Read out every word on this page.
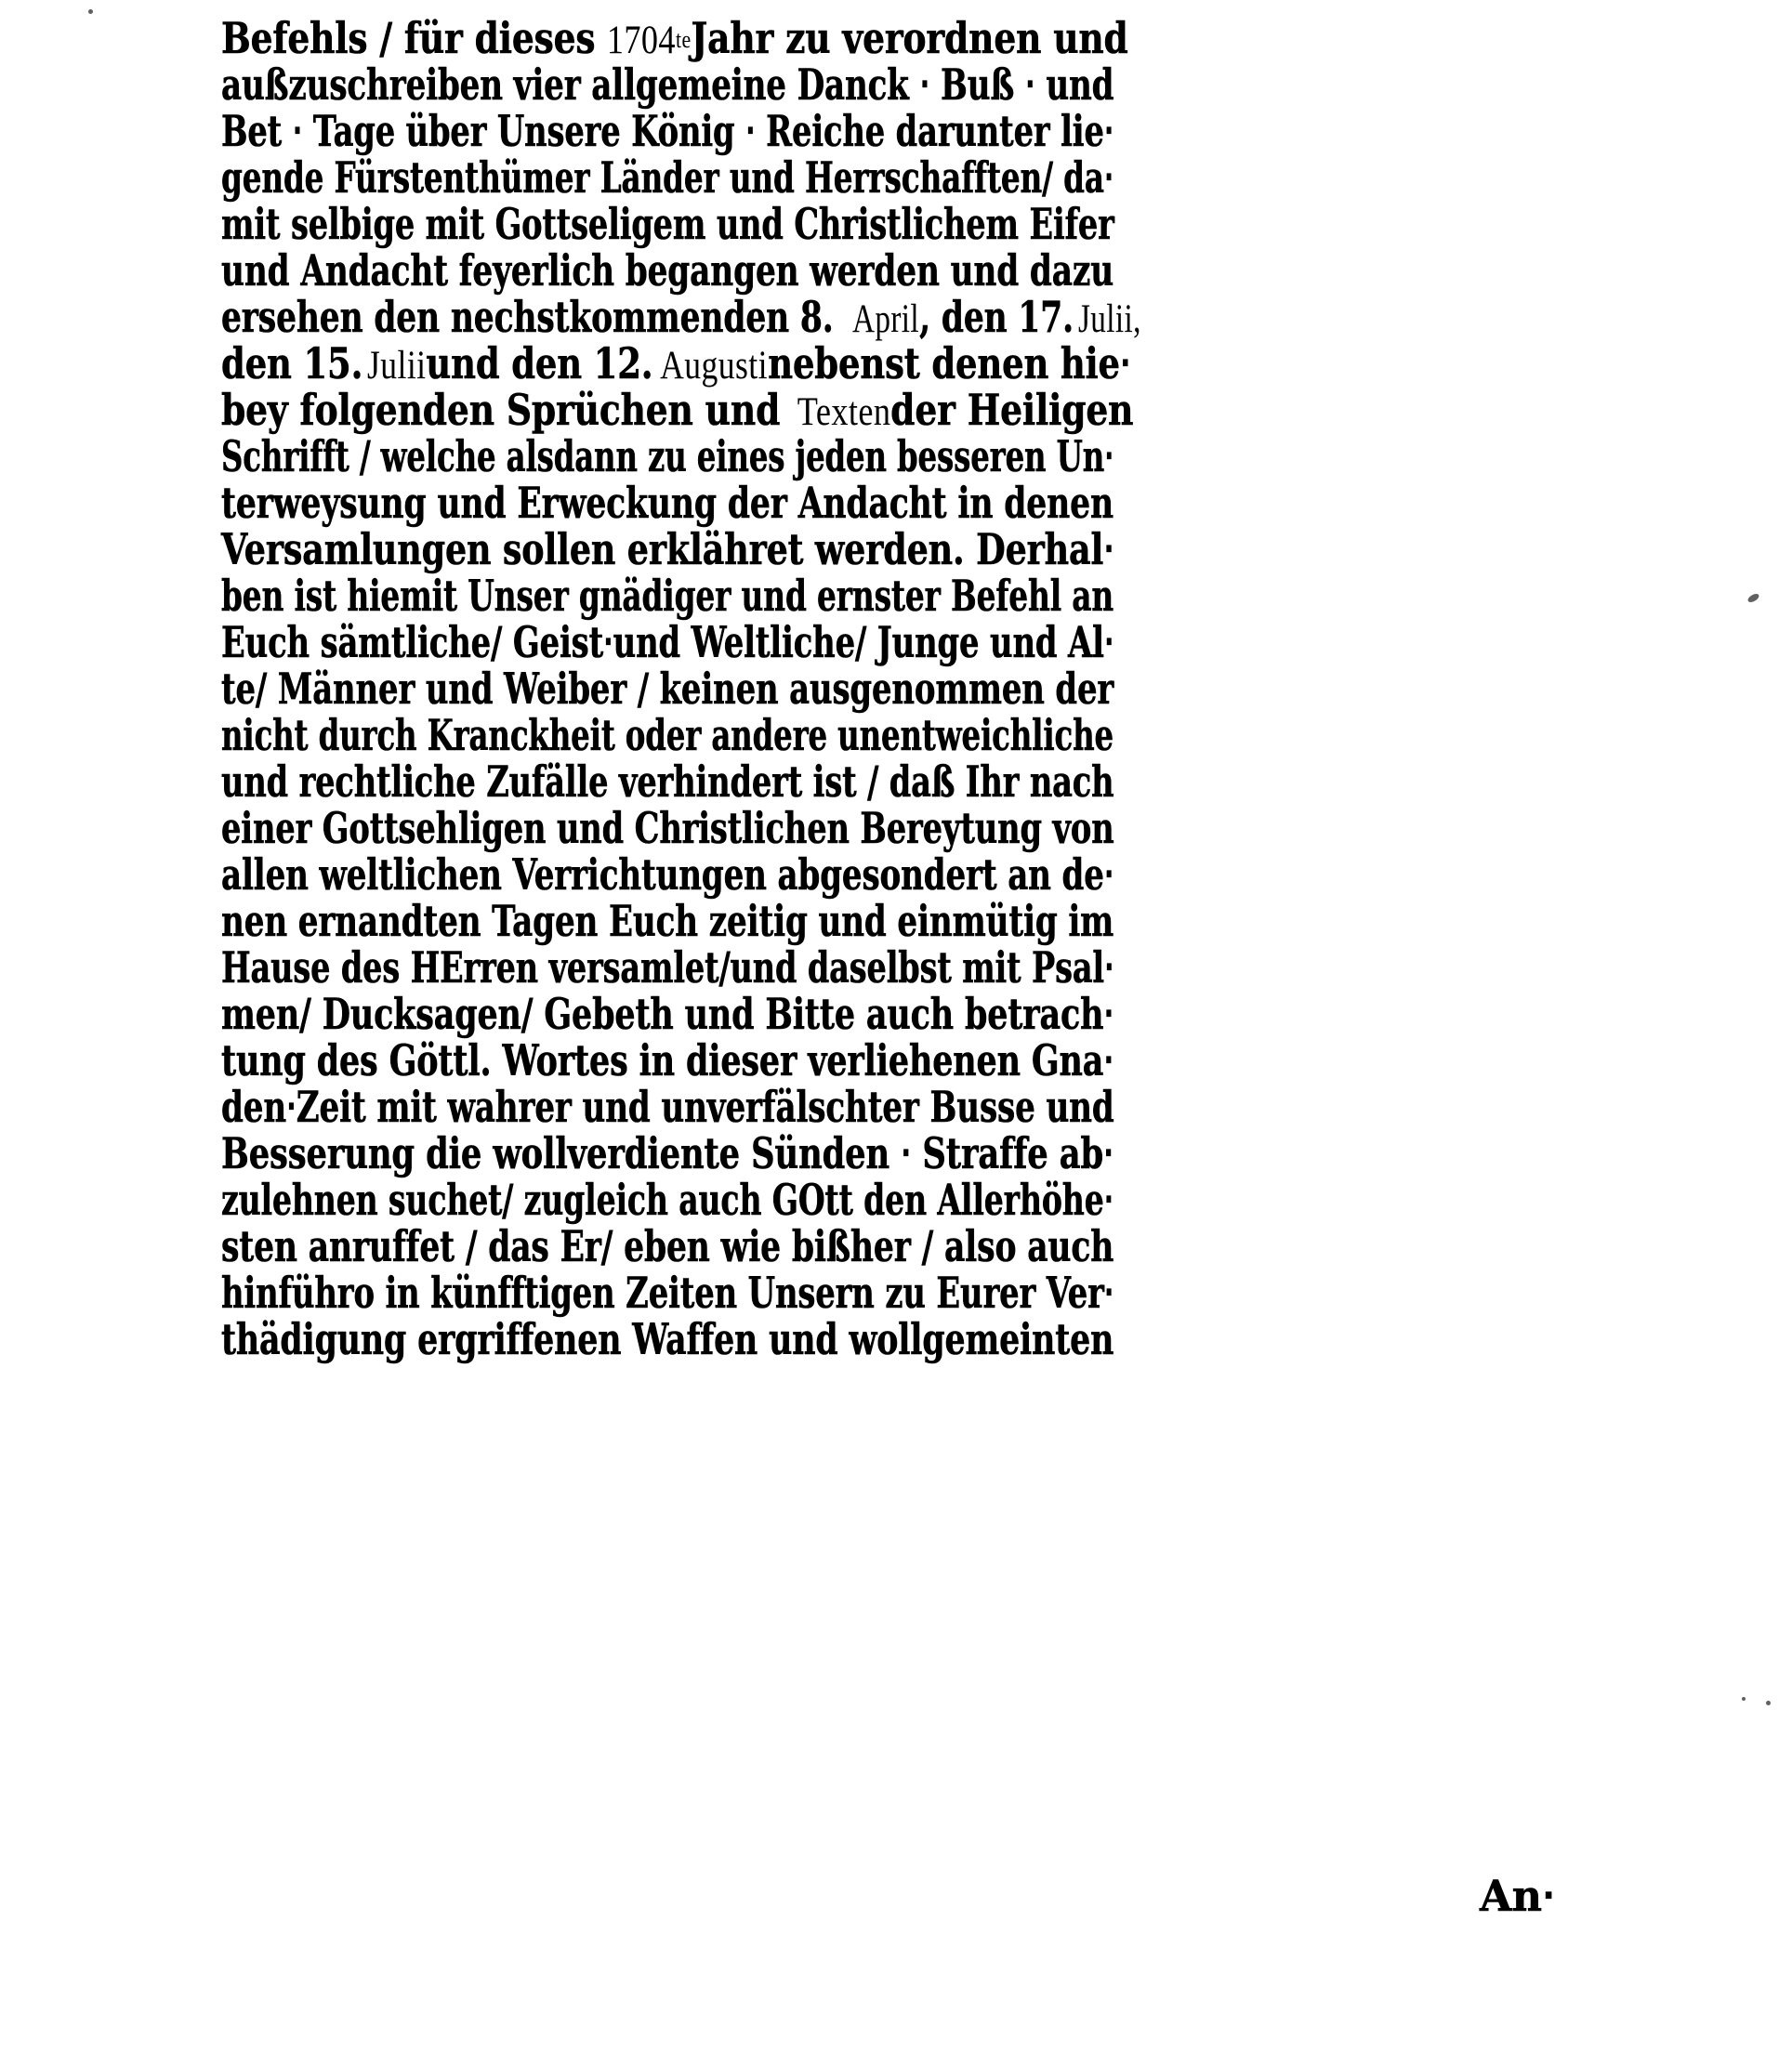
Befehls / für dieses1704teJahr zu verordnen und
außzuschreiben vier allgemeine Danck ‧ Buß ‧ und
Bet ‧ Tage über Unsere König ‧ Reiche darunter lie‧
gende Fürstenthümer Länder und Herrschafften/ da‧
mit selbige mit Gottseligem und Christlichem Eifer
und Andacht feyerlich begangen werden und dazu
ersehen den nechstkommenden 8.April, den 17.Julii,
den 15.Juliiund den 12.Augustinebenst denen hie‧
bey folgenden Sprüchen undTextender Heiligen
Schrifft / welche alsdann zu eines jeden besseren Un‧
terweysung und Erweckung der Andacht in denen
Versamlungen sollen erklähret werden. Derhal‧
ben ist hiemit Unser gnädiger und ernster Befehl an
Euch sämtliche/ Geist‧und Weltliche/ Junge und Al‧
te/ Männer und Weiber / keinen ausgenommen der
nicht durch Kranckheit oder andere unentweichliche
und rechtliche Zufälle verhindert ist / daß Ihr nach
einer Gottsehligen und Christlichen Bereytung von
allen weltlichen Verrichtungen abgesondert an de‧
nen ernandten Tagen Euch zeitig und einmütig im
Hause des HErren versamlet/und daselbst mit Psal‧
men/ Ducksagen/ Gebeth und Bitte auch betrach‧
tung des Göttl. Wortes in dieser verliehenen Gna‧
den‧Zeit mit wahrer und unverfälschter Busse und
Besserung die wollverdiente Sünden ‧ Straffe ab‧
zulehnen suchet/ zugleich auch GOtt den Allerhöhe‧
sten anruffet / das Er/ eben wie bißher / also auch
hinführo in künfftigen Zeiten Unsern zu Eurer Ver‧
thädigung ergriffenen Waffen und wollgemeinten
An‧
